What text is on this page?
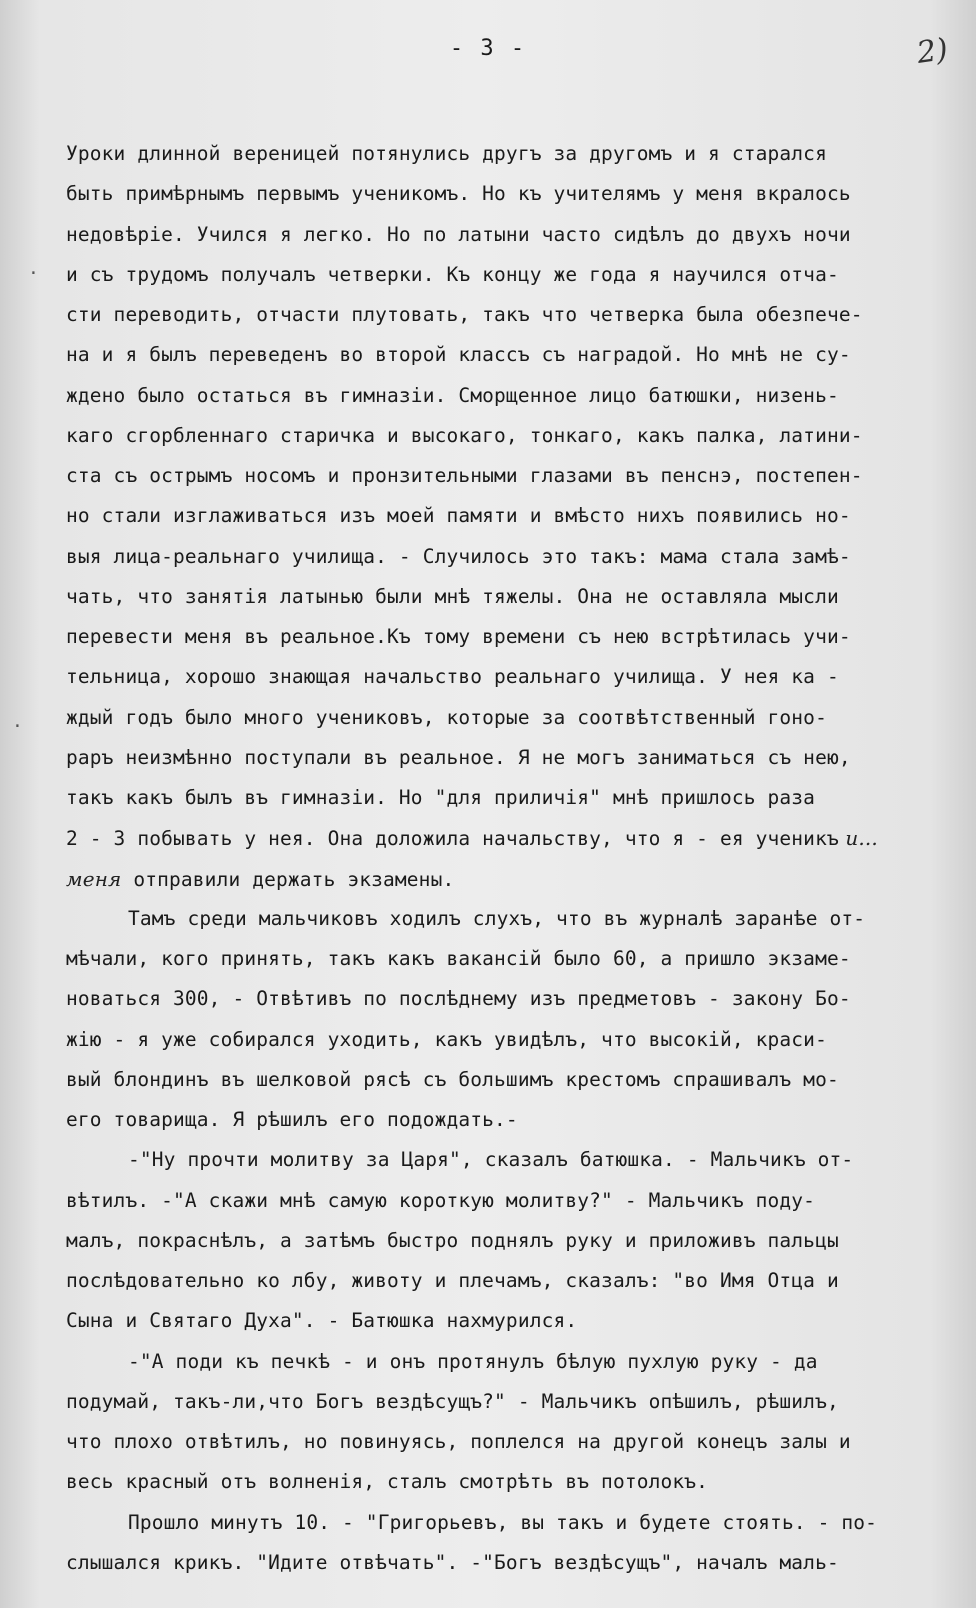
- 3 -	2)
.
·
Уроки длинной вереницей потянулись другъ за другомъ и я старался
быть примѣрнымъ первымъ ученикомъ. Но къ учителямъ у меня вкралось
недовѣріе. Учился я легко. Но по латыни часто сидѣлъ до двухъ ночи
и съ трудомъ получалъ четверки. Къ концу же года я научился отча-
сти переводить, отчасти плутовать, такъ что четверка была обезпече-
на и я былъ переведенъ во второй классъ съ наградой. Но мнѣ не су-
ждено было остаться въ гимназіи. Сморщенное лицо батюшки, низень-
каго сгорбленнаго старичка и высокаго, тонкаго, какъ палка, латини-
ста съ острымъ носомъ и пронзительными глазами въ пенснэ, постепен-
но стали изглаживаться изъ моей памяти и вмѣсто нихъ появились но-
выя лица-реальнаго училища. - Случилось это такъ: мама стала замѣ-
чать, что занятія латынью были мнѣ тяжелы. Она не оставляла мысли
перевести меня въ реальное.Къ тому времени съ нею встрѣтилась учи-
тельница, хорошо знающая начальство реальнаго училища. У нея ка -
ждый годъ было много учениковъ, которые за соотвѣтственный гоно-
раръ неизмѣнно поступали въ реальное. Я не могъ заниматься съ нею,
такъ какъ былъ въ гимназіи. Но "для приличія" мнѣ пришлось раза
2 - 3 побывать у нея. Она доложила начальству, что я - ея ученикъ и...
меня отправили держать экзамены.
Тамъ среди мальчиковъ ходилъ слухъ, что въ журналѣ заранѣе от-
мѣчали, кого принять, такъ какъ вакансій было 60, а пришло экзаме-
новаться 300, - Отвѣтивъ по послѣднему изъ предметовъ - закону Бо-
жію - я уже собирался уходить, какъ увидѣлъ, что высокій, краси-
вый блондинъ въ шелковой рясѣ съ большимъ крестомъ спрашивалъ мо-
его товарища. Я рѣшилъ его подождать.-
-"Ну прочти молитву за Царя", сказалъ батюшка. - Мальчикъ от-
вѣтилъ. -"А скажи мнѣ самую короткую молитву?" - Мальчикъ поду-
малъ, покраснѣлъ, а затѣмъ быстро поднялъ руку и приложивъ пальцы
послѣдовательно ко лбу, животу и плечамъ, сказалъ: "во Имя Отца и
Сына и Святаго Духа". - Батюшка нахмурился.
-"А поди къ печкѣ - и онъ протянулъ бѣлую пухлую руку - да
подумай, такъ-ли,что Богъ вездѣсущъ?" - Мальчикъ опѣшилъ, рѣшилъ,
что плохо отвѣтилъ, но повинуясь, поплелся на другой конецъ залы и
весь красный отъ волненія, сталъ смотрѣть въ потолокъ.
Прошло минутъ 10. - "Григорьевъ, вы такъ и будете стоять. - по-
слышался крикъ. "Идите отвѣчать". -"Богъ вездѣсущъ", началъ маль-
